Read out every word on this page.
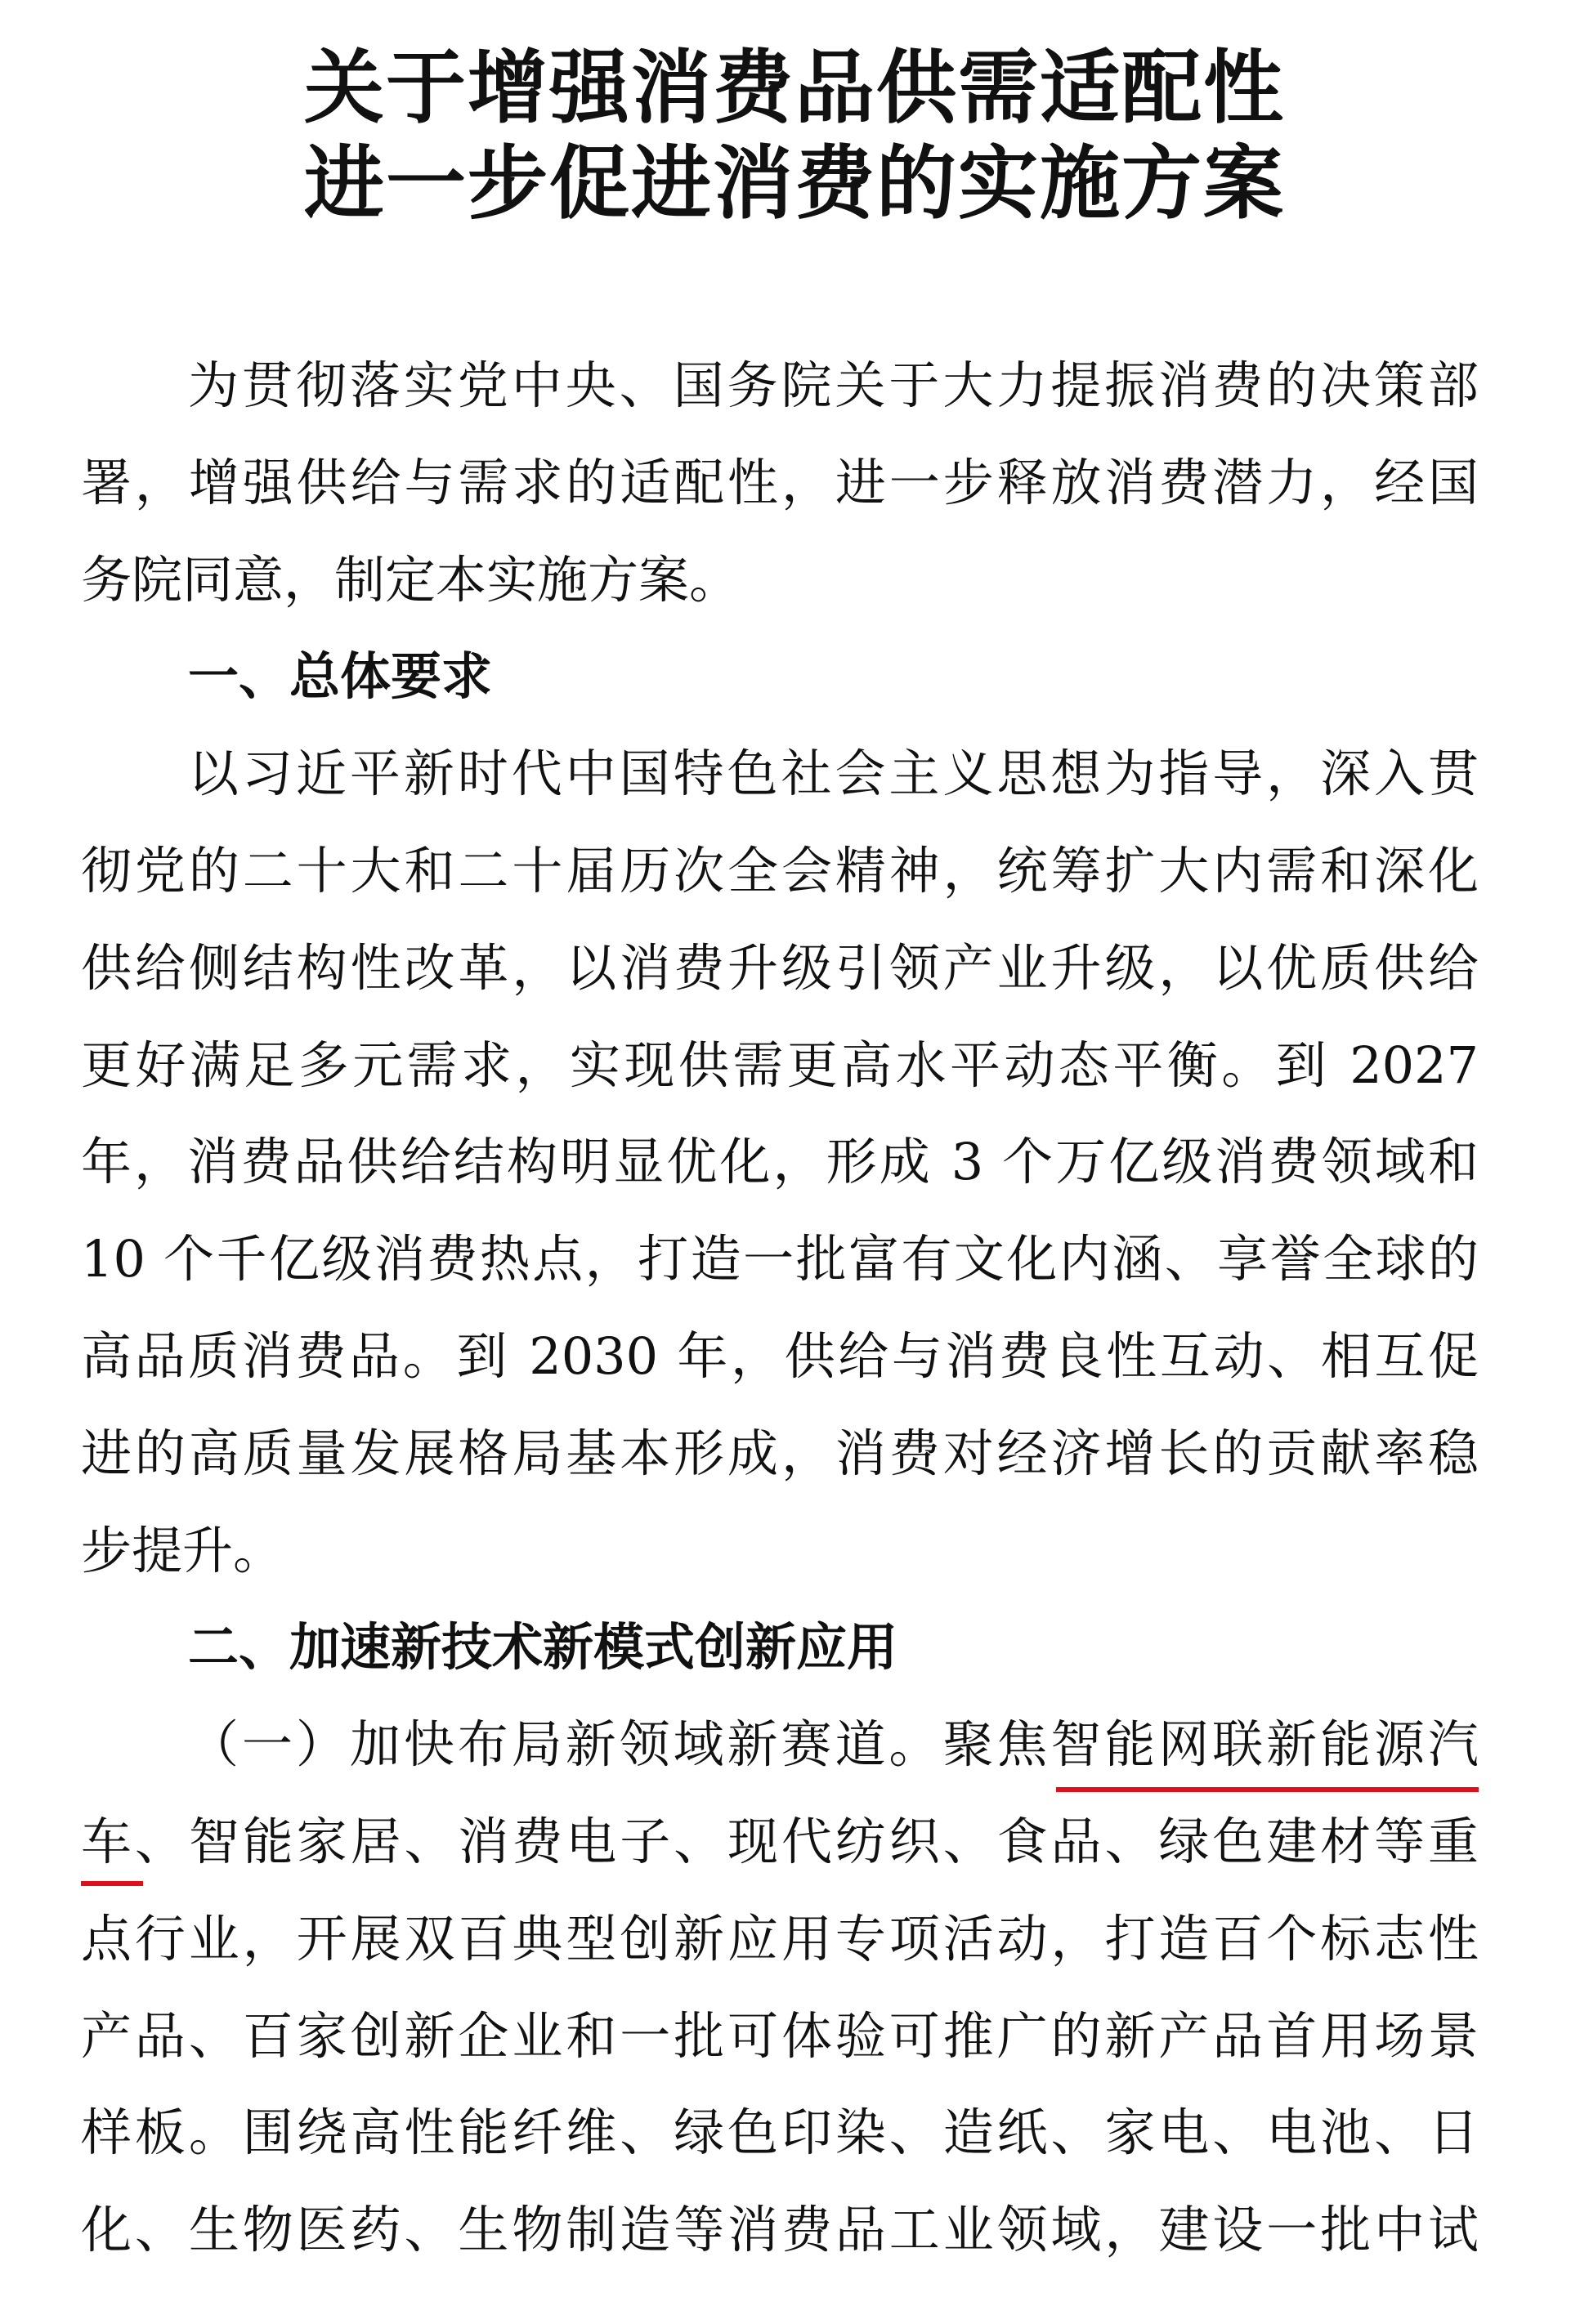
关于增强消费品供需适配性
进一步促进消费的实施方案
为贯彻落实党中央、国务院关于大力提振消费的决策部
署，增强供给与需求的适配性，进一步释放消费潜力，经国
务院同意，制定本实施方案。
一、总体要求
以习近平新时代中国特色社会主义思想为指导，深入贯
彻党的二十大和二十届历次全会精神，统筹扩大内需和深化
供给侧结构性改革，以消费升级引领产业升级，以优质供给
更好满足多元需求，实现供需更高水平动态平衡。到 2027
年，消费品供给结构明显优化，形成 3 个万亿级消费领域和
10 个千亿级消费热点，打造一批富有文化内涵、享誉全球的
高品质消费品。到 2030 年，供给与消费良性互动、相互促
进的高质量发展格局基本形成，消费对经济增长的贡献率稳
步提升。
二、加速新技术新模式创新应用
（一）加快布局新领域新赛道。聚焦智能网联新能源汽
车、智能家居、消费电子、现代纺织、食品、绿色建材等重
点行业，开展双百典型创新应用专项活动，打造百个标志性
产品、百家创新企业和一批可体验可推广的新产品首用场景
样板。围绕高性能纤维、绿色印染、造纸、家电、电池、日
化、生物医药、生物制造等消费品工业领域，建设一批中试
